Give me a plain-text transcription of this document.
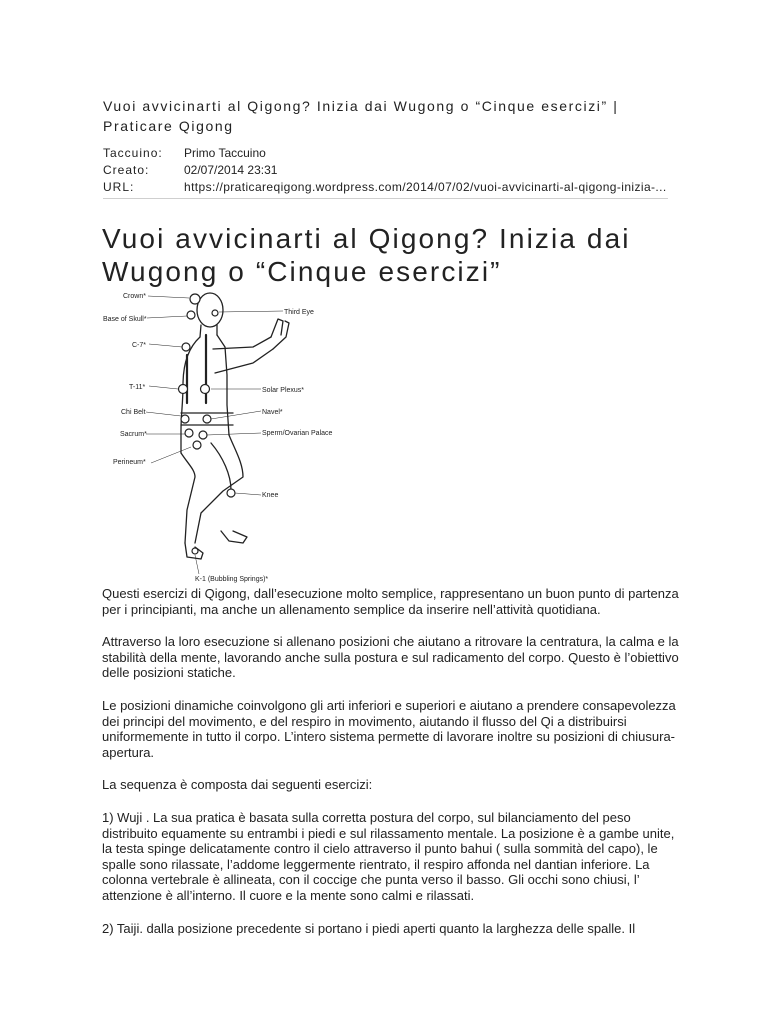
Vuoi avvicinarti al Qigong? Inizia dai Wugong o “Cinque esercizi” | Praticare Qigong
Taccuino:	Primo Taccuino
Creato:	02/07/2014 23:31
URL:	https://praticareqigong.wordpress.com/2014/07/02/vuoi-avvicinarti-al-qigong-inizia-...
Vuoi avvicinarti al Qigong? Inizia dai Wugong o “Cinque esercizi”
Crown*
Base of Skull*
C-7*
T-11*
Chi Belt
Sacrum*
Perineum*
Third Eye
Solar Plexus*
Navel*
Sperm/Ovarian Palace
Knee
K-1 (Bubbling Springs)*

Questi esercizi di Qigong, dall’esecuzione molto semplice, rappresentano un buon punto di partenza per i principianti, ma anche un allenamento semplice da inserire nell’attività quotidiana.

Attraverso la loro esecuzione si allenano posizioni che aiutano a ritrovare la centratura, la calma e la stabilità della mente, lavorando anche sulla postura e sul radicamento del corpo. Questo è l’obiettivo delle posizioni statiche.

Le posizioni dinamiche coinvolgono gli arti inferiori e superiori e aiutano a prendere consapevolezza dei principi del movimento, e del respiro in movimento, aiutando il flusso del Qi a distribuirsi uniformemente in tutto il corpo. L’intero sistema permette di lavorare inoltre su posizioni di chiusura-apertura.

La sequenza è composta dai seguenti esercizi:

1) Wuji . La sua pratica è basata sulla corretta postura del corpo, sul bilanciamento del peso distribuito equamente su entrambi i piedi e sul rilassamento mentale. La posizione è a gambe unite, la testa spinge delicatamente contro il cielo attraverso il punto bahui ( sulla sommità del capo), le spalle sono rilassate, l’addome leggermente rientrato, il respiro affonda nel dantian inferiore. La colonna vertebrale è allineata, con il coccige che punta verso il basso. Gli occhi sono chiusi, l’ attenzione è all’interno. Il cuore e la mente sono calmi e rilassati.

2) Taiji. dalla posizione precedente si portano i piedi aperti quanto la larghezza delle spalle. Il
